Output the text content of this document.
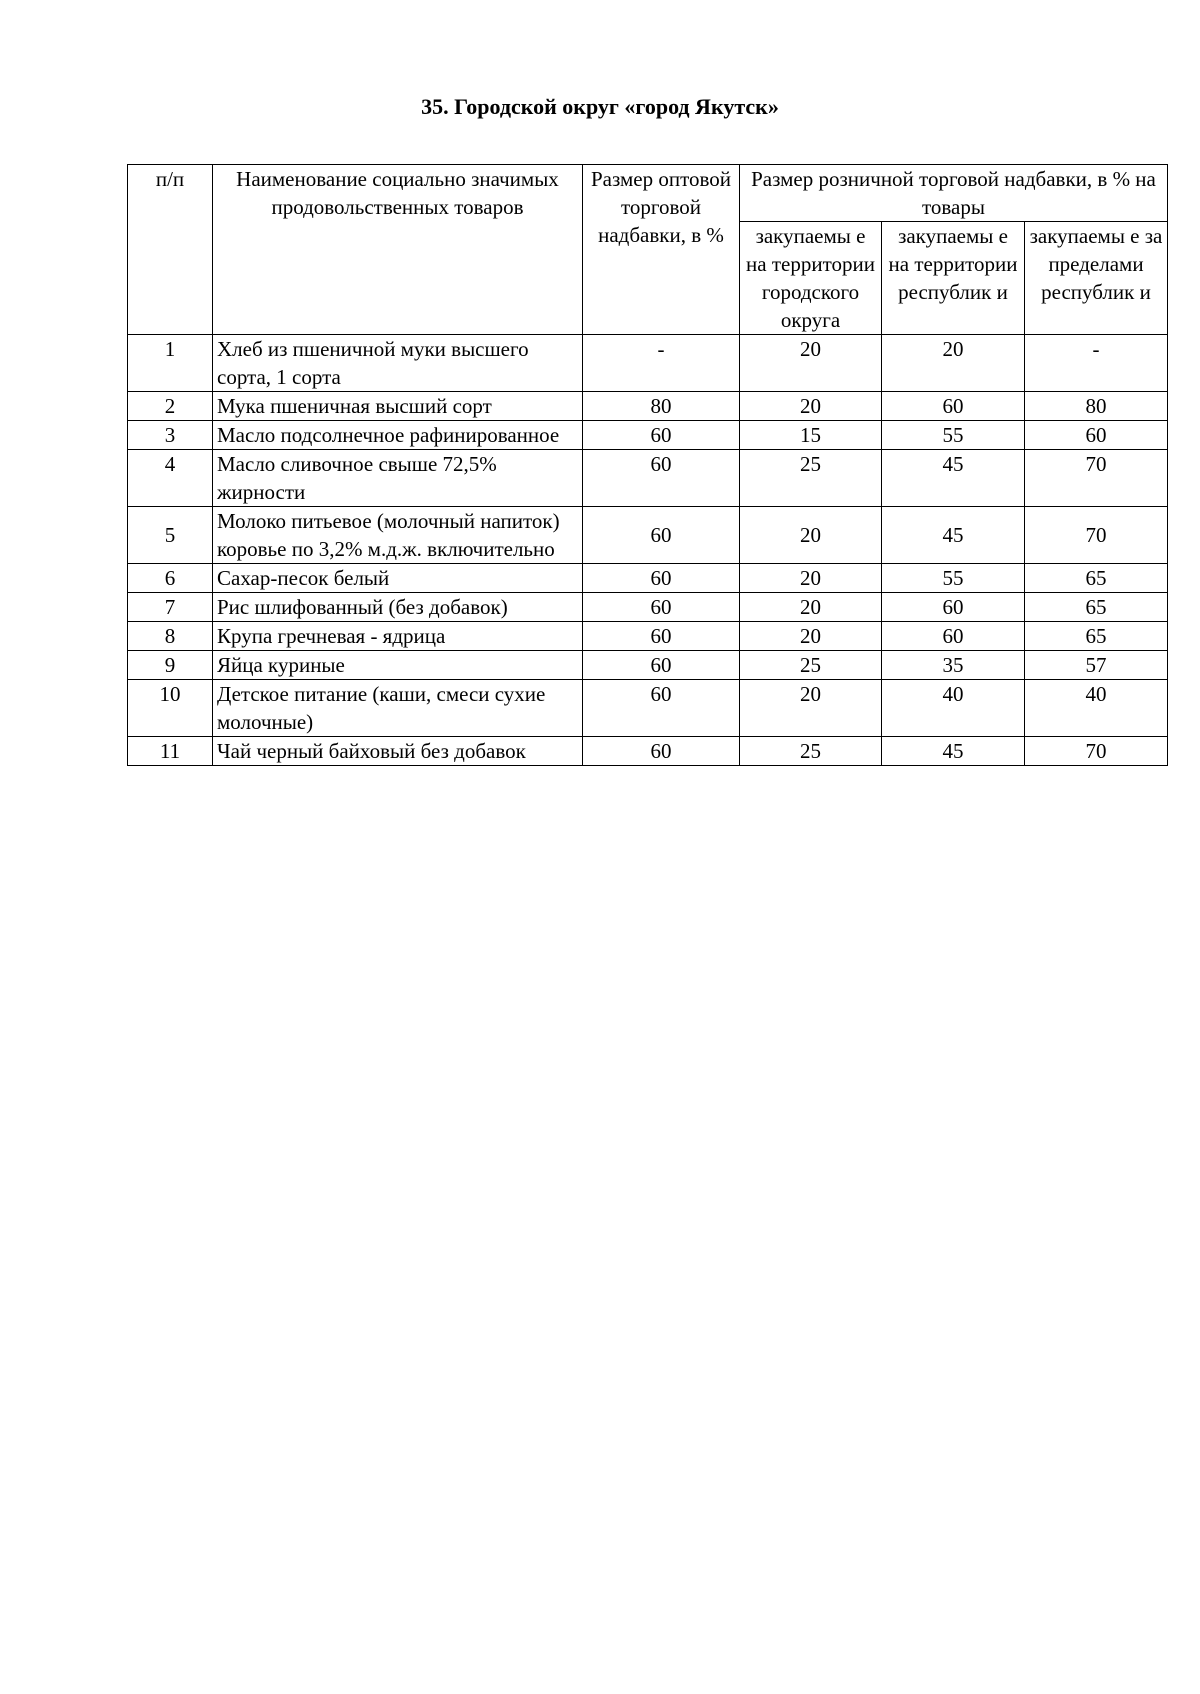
35. Городской округ «город Якутск»
п/п	Наименование социально значимых продовольственных товаров	Размер оптовой торговой надбавки, в %	Размер розничной торговой надбавки, в % на товары		
			закупаемы е на территории городского округа	закупаемы е на территории республик и	закупаемы е за пределами республик и
1	Хлеб из пшеничной муки высшего сорта, 1 сорта	-	20	20	-
2	Мука пшеничная высший сорт	80	20	60	80
3	Масло подсолнечное рафинированное	60	15	55	60
4	Масло сливочное свыше 72,5% жирности	60	25	45	70
5	Молоко питьевое (молочный напиток) коровье по 3,2% м.д.ж. включительно	60	20	45	70
6	Сахар-песок белый	60	20	55	65
7	Рис шлифованный (без добавок)	60	20	60	65
8	Крупа гречневая - ядрица	60	20	60	65
9	Яйца куриные	60	25	35	57
10	Детское питание (каши, смеси сухие молочные)	60	20	40	40
11	Чай черный байховый без добавок	60	25	45	70
